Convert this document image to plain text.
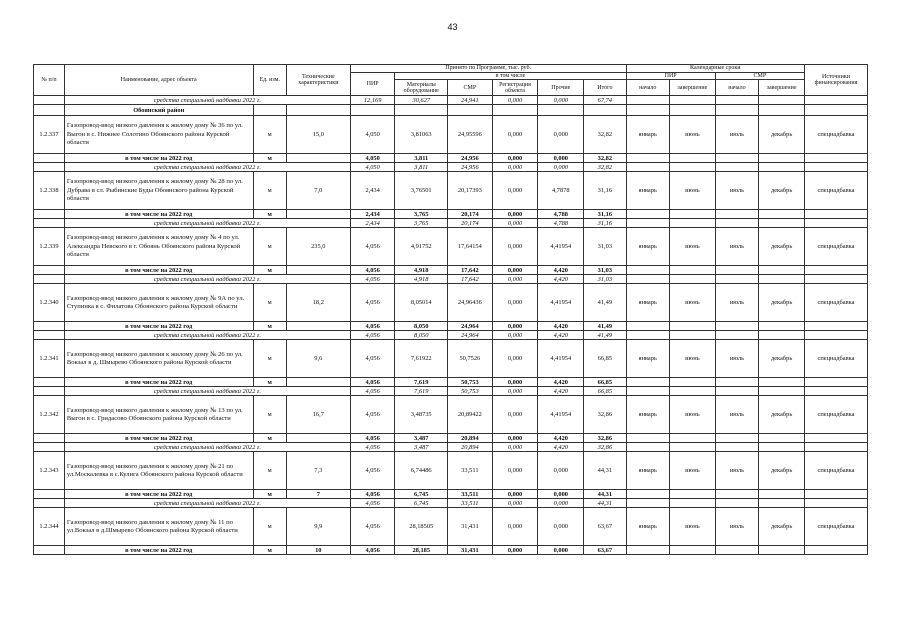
43
№ п/п	Наименование, адрес объекта	Ед. изм.	Технические характеристики	Принято по Программе, тыс. руб.						Календарные сроки				Источники финансирования
				ПИР	в том числе					ПИР		СМР		
					Материалы оборудование	СМР	Регистрация объекта	Прочие	Итого	начало	завершение	начало	завершение	

	средства специальной надбавки 2022 г.			12,169	30,627	24,941	0,000	0,000	67,74					
	Обоянский район													
1.2.337	Газопровод-ввод низкого давления к жилому дому № 36 по ул. Выгон в с. Нижнее Солотино Обоянского района Курской области	м	15,0	4,050	3,81063	24,95596	0,000	0,000	32,82	январь	июнь	июль	декабрь	спецнадбавка
	в том числе на 2022 год	м		4,050	3,811	24,956	0,000	0,000	32,82					
	средства специальной надбавки 2022 г.			4,050	3,811	24,956	0,000	0,000	32,82					
1.2.338	Газопровод-ввод низкого давления к жилому дому № 28 по ул. Дубрава в сл. Рыбинские Буды Обоянского района Курской области	м	7,0	2,434	3,76501	20,17393	0,000	4,7878	31,16	январь	июнь	июль	декабрь	спецнадбавка
	в том числе на 2022 год	м		2,434	3,765	20,174	0,000	4,788	31,16					
	средства специальной надбавки 2022 г.			2,434	3,765	20,174	0,000	4,788	31,16					
1.2.339	Газопровод-ввод низкого давления к жилому дому № 4 по ул. Александра Невского в г. Обоянь Обоянского района Курской области	м	235,0	4,056	4,91752	17,64154	0,000	4,41954	31,03	январь	июнь	июль	декабрь	спецнадбавка
	в том числе на 2022 год	м		4,056	4,918	17,642	0,000	4,420	31,03					
	средства специальной надбавки 2022 г.			4,056	4,918	17,642	0,000	4,420	31,03					
1.2.340	Газопровод-ввод низкого давления к жилому дому № 9А по ул. Ступинка в с. Филатова Обоянского района Курской области	м	18,2	4,056	8,05014	24,96436	0,000	4,41954	41,49	январь	июнь	июль	декабрь	спецнадбавка
	в том числе на 2022 год	м		4,056	8,050	24,964	0,000	4,420	41,49					
	средства специальной надбавки 2022 г.			4,056	8,050	24,964	0,000	4,420	41,49					
1.2.341	Газопровод-ввод низкого давления к жилому дому № 26 по ул. Вокзал в д. Шмырево Обоянского района Курской области	м	9,6	4,056	7,61922	50,7526	0,000	4,41954	66,85	январь	июнь	июль	декабрь	спецнадбавка
	в том числе на 2022 год	м		4,056	7,619	50,753	0,000	4,420	66,85					
	средства специальной надбавки 2022 г.			4,056	7,619	50,753	0,000	4,420	66,85					
1.2.342	Газопровод-ввод низкого давления к жилому дому № 13 по ул. Выгон в с. Гридасово Обоянского района Курской области	м	16,7	4,056	3,48735	20,89422	0,000	4,41954	32,86	январь	июнь	июль	декабрь	спецнадбавка
	в том числе на 2022 год	м		4,056	3,487	20,894	0,000	4,420	32,86					
	средства специальной надбавки 2022 г.			4,056	3,487	20,894	0,000	4,420	32,86					
1.2.343	Газопровод-ввод низкого давления к жилому дому № 21 по ул.Москалевка в с.Кулига Обоянского района Курской области	м	7,3	4,056	6,74486	33,511	0,000	0,000	44,31	январь	июнь	июль	декабрь	спецнадбавка
	в том числе на 2022 год	м	7	4,056	6,745	33,511	0,000	0,000	44,31					
	средства специальной надбавки 2022 г.			4,056	6,745	33,511	0,000	0,000	44,31					
1.2.344	Газопровод-ввод низкого давления к жилому дому № 11 по ул.Вокзал в д.Шмырево Обоянского района Курской области	м	9,9	4,056	28,18505	31,431	0,000	0,000	63,67	январь	июнь	июль	декабрь	спецнадбавка
	в том числе на 2022 год	м	10	4,056	28,185	31,431	0,000	0,000	63,67					
